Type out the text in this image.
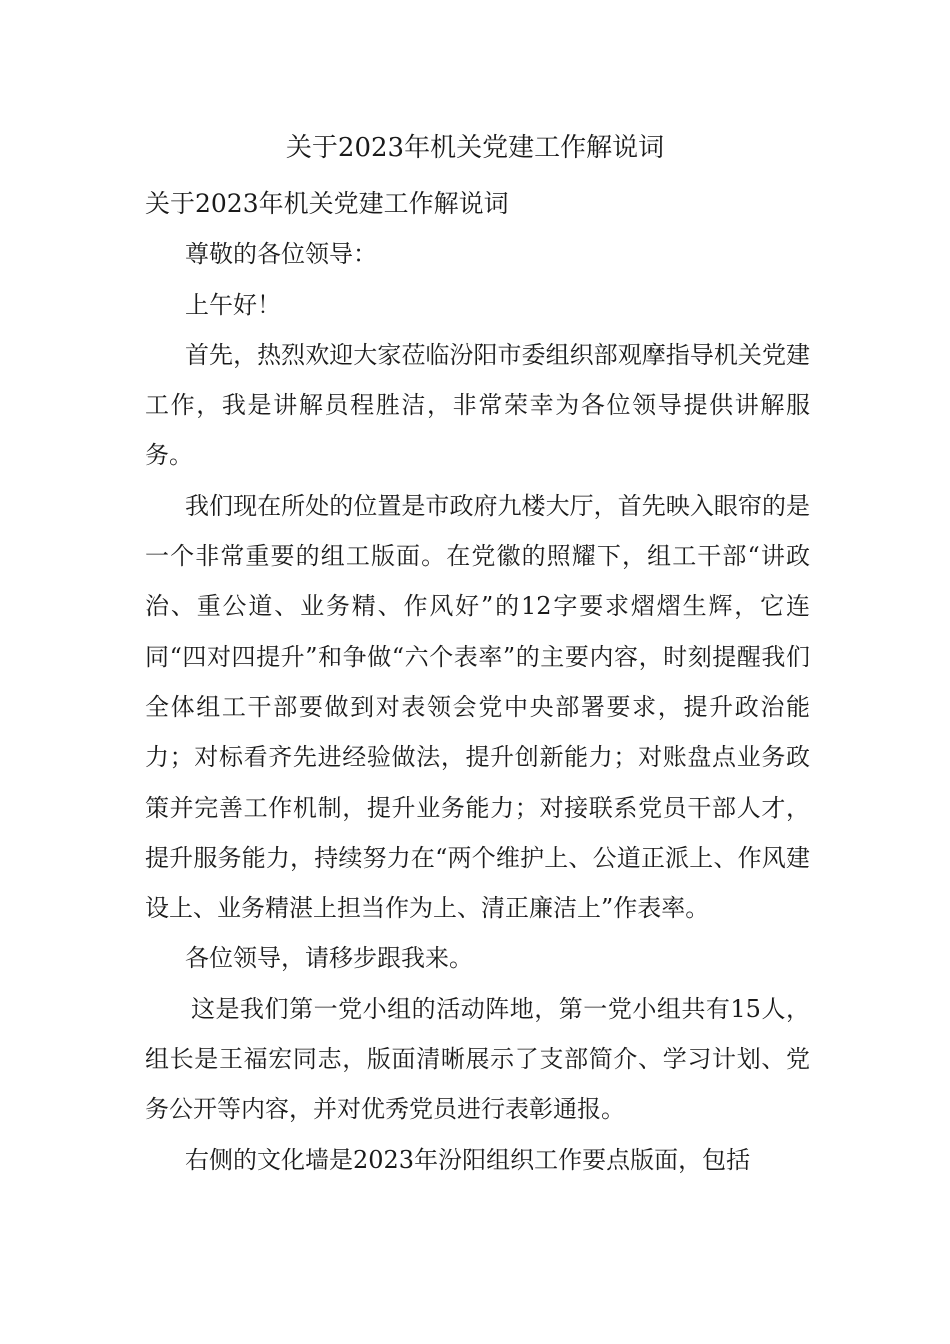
关于2023年机关党建工作解说词

关于2023年机关党建工作解说词

尊敬的各位领导：

上午好！

首先，热烈欢迎大家莅临汾阳市委组织部观摩指导机关党建工作，我是讲解员程胜洁，非常荣幸为各位领导提供讲解服务。

我们现在所处的位置是市政府九楼大厅，首先映入眼帘的是一个非常重要的组工版面。在党徽的照耀下，组工干部“讲政治、重公道、业务精、作风好”的12字要求熠熠生辉，它连同“四对四提升”和争做“六个表率”的主要内容，时刻提醒我们全体组工干部要做到对表领会党中央部署要求，提升政治能力；对标看齐先进经验做法，提升创新能力；对账盘点业务政策并完善工作机制，提升业务能力；对接联系党员干部人才，提升服务能力，持续努力在“两个维护上、公道正派上、作风建设上、业务精湛上担当作为上、清正廉洁上”作表率。

各位领导，请移步跟我来。

这是我们第一党小组的活动阵地，第一党小组共有15人，组长是王福宏同志，版面清晰展示了支部简介、学习计划、党务公开等内容，并对优秀党员进行表彰通报。

右侧的文化墙是2023年汾阳组织工作要点版面，包括
